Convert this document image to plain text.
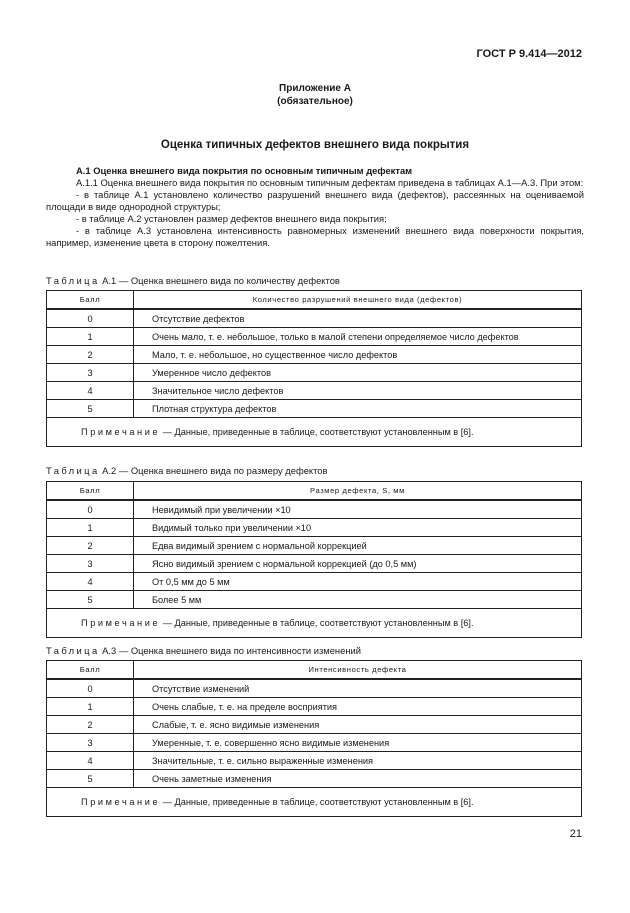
ГОСТ Р 9.414—2012
Приложение А
(обязательное)
Оценка типичных дефектов внешнего вида покрытия

А.1 Оценка внешнего вида покрытия по основным типичным дефектам

А.1.1 Оценка внешнего вида покрытия по основным типичным дефектам приведена в таблицах А.1—А.3. При этом:

- в таблице А.1 установлено количество разрушений внешнего вида (дефектов), рассеянных на оцениваемой площади в виде однородной структуры;

- в таблице А.2 установлен размер дефектов внешнего вида покрытия;

- в таблице А.3 установлена интенсивность равномерных изменений внешнего вида поверхности покрытия, например, изменение цвета в сторону пожелтения.

Таблица А.1 — Оценка внешнего вида по количеству дефектов
Балл	Количество разрушений внешнего вида (дефектов)
0	Отсутствие дефектов
1	Очень мало, т. е. небольшое, только в малой степени определяемое число дефектов
2	Мало, т. е. небольшое, но существенное число дефектов
3	Умеренное число дефектов
4	Значительное число дефектов
5	Плотная структура дефектов
Примечание — Данные, приведенные в таблице, соответствуют установленным в [6].	
Таблица А.2 — Оценка внешнего вида по размеру дефектов
Балл	Размер дефекта, S, мм
0	Невидимый при увеличении ×10
1	Видимый только при увеличении ×10
2	Едва видимый зрением с нормальной коррекцией
3	Ясно видимый зрением с нормальной коррекцией (до 0,5 мм)
4	От 0,5 мм до 5 мм
5	Более 5 мм
Примечание — Данные, приведенные в таблице, соответствуют установленным в [6].	
Таблица А.3 — Оценка внешнего вида по интенсивности изменений
Балл	Интенсивность дефекта
0	Отсутствие изменений
1	Очень слабые, т. е. на пределе восприятия
2	Слабые, т. е. ясно видимые изменения
3	Умеренные, т. е. совершенно ясно видимые изменения
4	Значительные, т. е. сильно выраженные изменения
5	Очень заметные изменения
Примечание — Данные, приведенные в таблице, соответствуют установленным в [6].	
21
